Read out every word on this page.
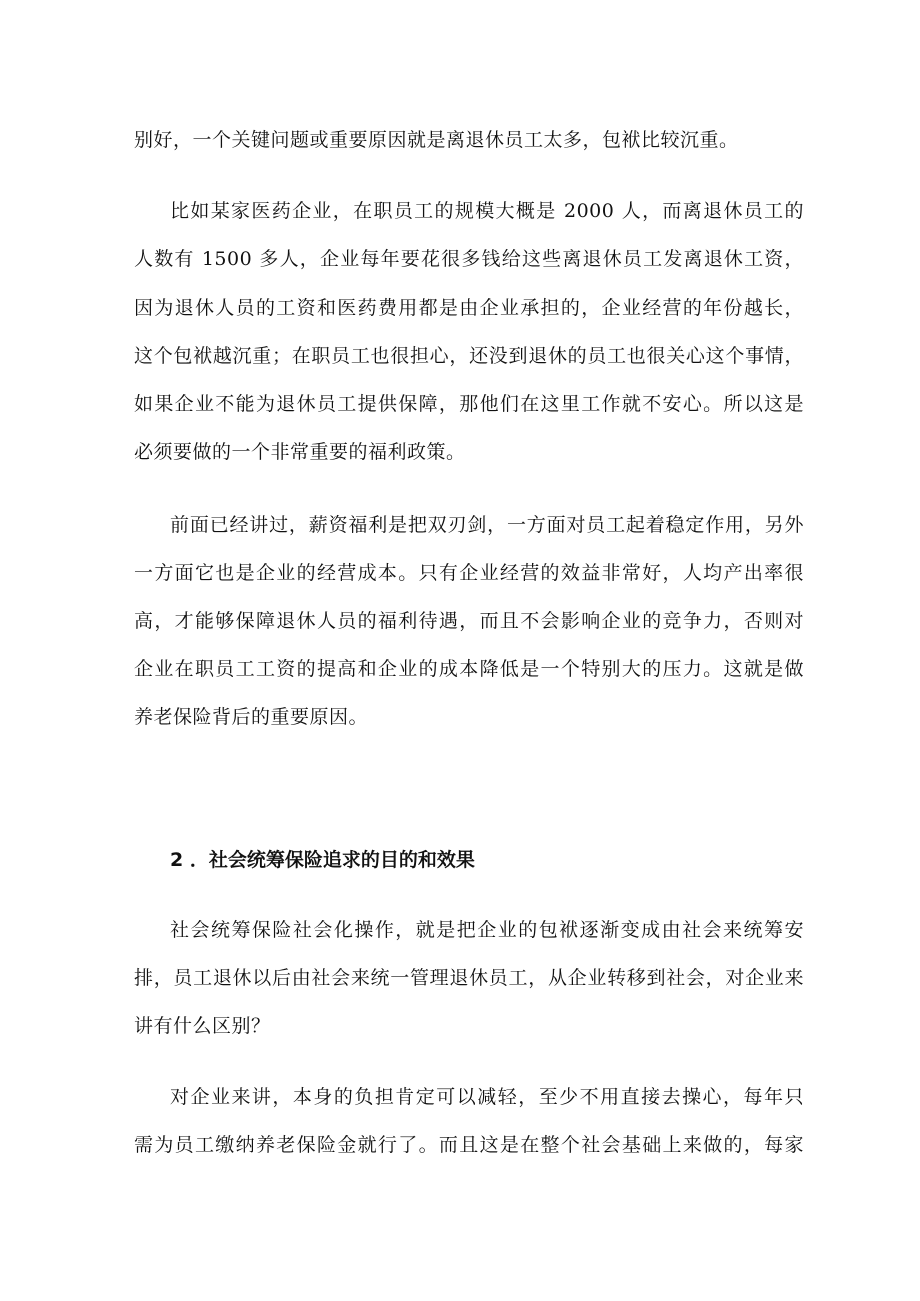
别好，一个关键问题或重要原因就是离退休员工太多，包袱比较沉重。
比如某家医药企业，在职员工的规模大概是 2000 人，而离退休员工的
人数有 1500 多人，企业每年要花很多钱给这些离退休员工发离退休工资，
因为退休人员的工资和医药费用都是由企业承担的，企业经营的年份越长，
这个包袱越沉重；在职员工也很担心，还没到退休的员工也很关心这个事情，
如果企业不能为退休员工提供保障，那他们在这里工作就不安心。所以这是
必须要做的一个非常重要的福利政策。
前面已经讲过，薪资福利是把双刃剑，一方面对员工起着稳定作用，另外
一方面它也是企业的经营成本。只有企业经营的效益非常好，人均产出率很
高，才能够保障退休人员的福利待遇，而且不会影响企业的竞争力，否则对
企业在职员工工资的提高和企业的成本降低是一个特别大的压力。这就是做
养老保险背后的重要原因。
2 ．社会统筹保险追求的目的和效果
社会统筹保险社会化操作，就是把企业的包袱逐渐变成由社会来统筹安
排，员工退休以后由社会来统一管理退休员工，从企业转移到社会，对企业来
讲有什么区别？
对企业来讲，本身的负担肯定可以减轻，至少不用直接去操心，每年只
需为员工缴纳养老保险金就行了。而且这是在整个社会基础上来做的，每家
